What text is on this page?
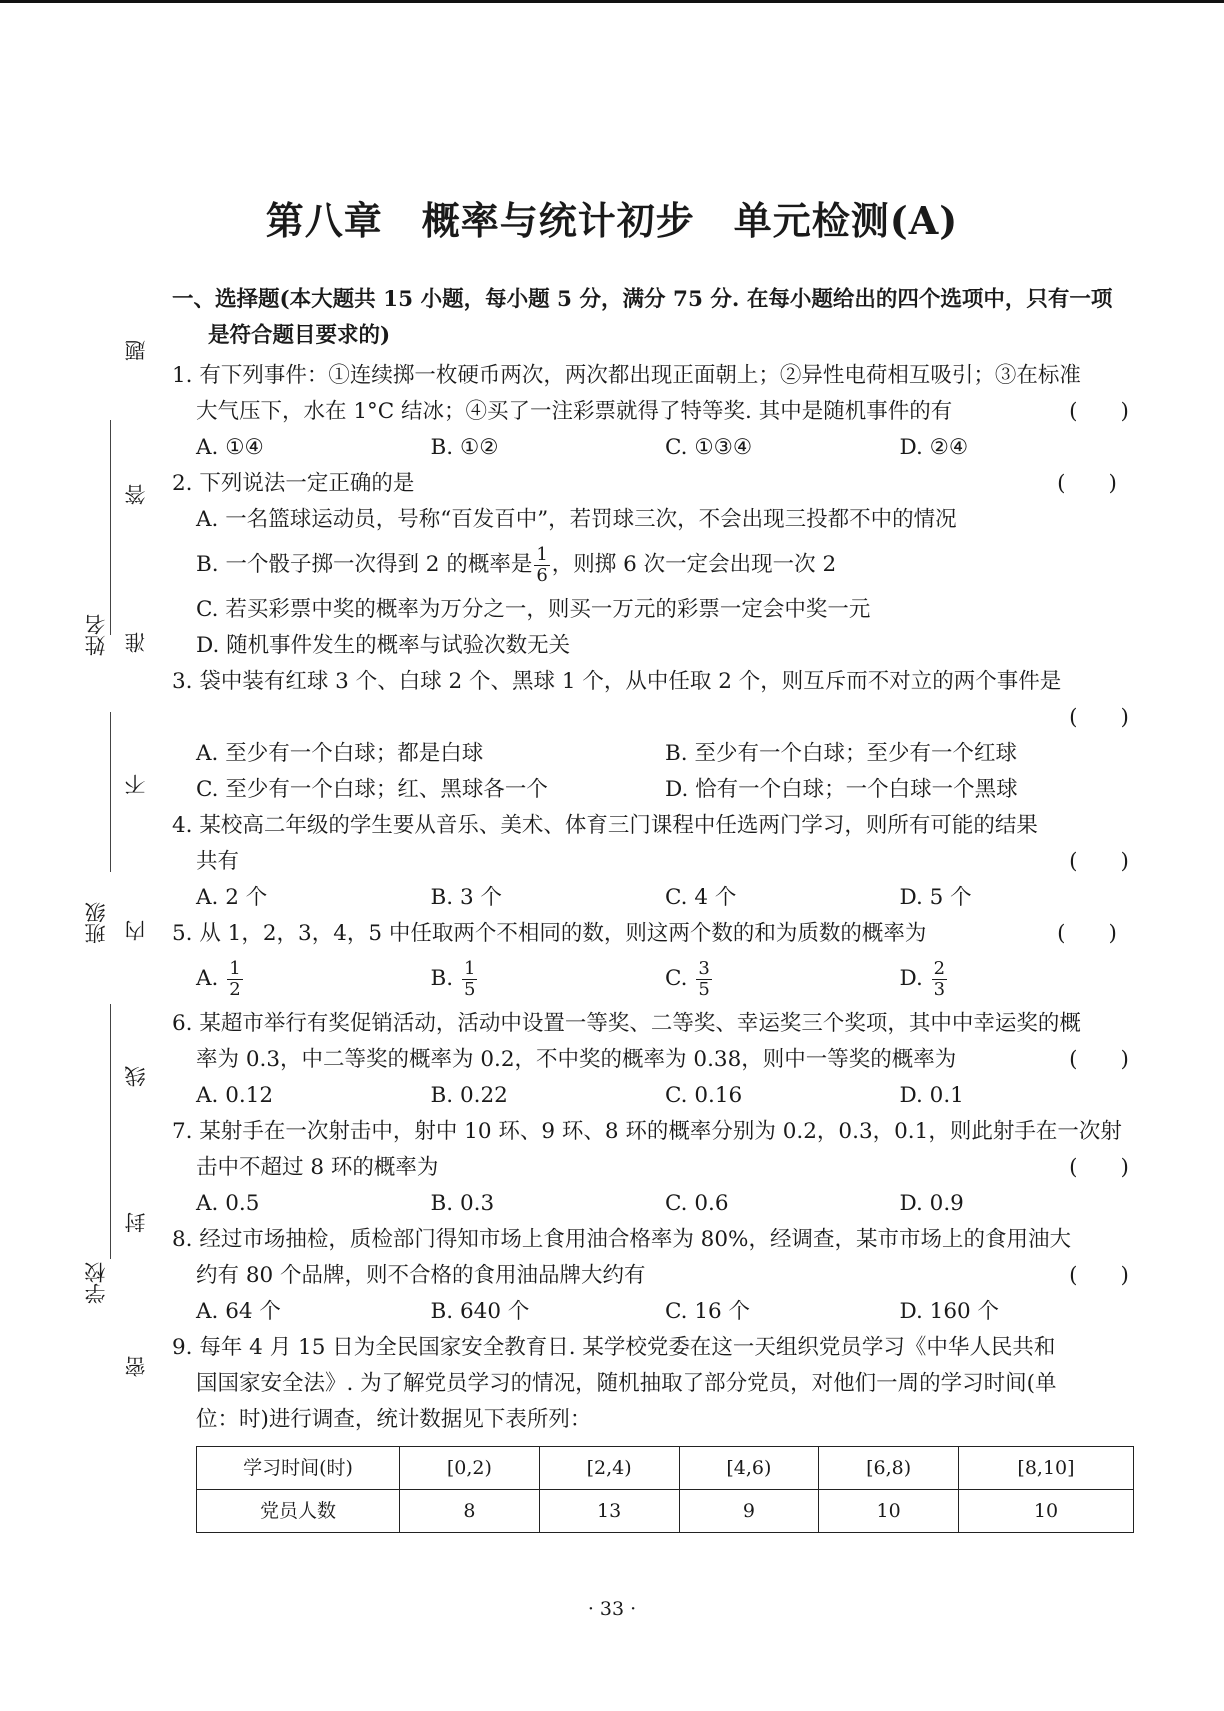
第八章　概率与统计初步　单元检测(A)
姓名
班级
学校
题
答
准
不
内
线
封
密
一、选择题(本大题共 15 小题，每小题 5 分，满分 75 分. 在每小题给出的四个选项中，只有一项
是符合题目要求的)
1. 有下列事件：①连续掷一枚硬币两次，两次都出现正面朝上；②异性电荷相互吸引；③在标准
(　　)
大气压下，水在 1°C 结冰；④买了一注彩票就得了特等奖. 其中是随机事件的有
A. ①④	B. ①②	C. ①③④	D. ②④
(　　)
2. 下列说法一定正确的是
A. 一名篮球运动员，号称“百发百中”，若罚球三次，不会出现三投都不中的情况
B. 一个骰子掷一次得到 2 的概率是 $\frac{1}{6}$ ，则掷 6 次一定会出现一次 2
C. 若买彩票中奖的概率为万分之一，则买一万元的彩票一定会中奖一元
D. 随机事件发生的概率与试验次数无关
3. 袋中装有红球 3 个、白球 2 个、黑球 1 个，从中任取 2 个，则互斥而不对立的两个事件是
(　　)
A. 至少有一个白球；都是白球	B. 至少有一个白球；至少有一个红球
C. 至少有一个白球；红、黑球各一个	D. 恰有一个白球；一个白球一个黑球
4. 某校高二年级的学生要从音乐、美术、体育三门课程中任选两门学习，则所有可能的结果
(　　)
共有
A. 2 个	B. 3 个	C. 4 个	D. 5 个
(　　)
5. 从 1，2，3，4，5 中任取两个不相同的数，则这两个数的和为质数的概率为
A. $\frac{1}{2}$	B. $\frac{1}{5}$	C. $\frac{3}{5}$	D. $\frac{2}{3}$
6. 某超市举行有奖促销活动，活动中设置一等奖、二等奖、幸运奖三个奖项，其中中幸运奖的概
(　　)
率为 0.3，中二等奖的概率为 0.2，不中奖的概率为 0.38，则中一等奖的概率为
A. 0.12	B. 0.22	C. 0.16	D. 0.1
7. 某射手在一次射击中，射中 10 环、9 环、8 环的概率分别为 0.2，0.3，0.1，则此射手在一次射
(　　)
击中不超过 8 环的概率为
A. 0.5	B. 0.3	C. 0.6	D. 0.9
8. 经过市场抽检，质检部门得知市场上食用油合格率为 80%，经调查，某市市场上的食用油大
(　　)
约有 80 个品牌，则不合格的食用油品牌大约有
A. 64 个	B. 640 个	C. 16 个	D. 160 个
9. 每年 4 月 15 日为全民国家安全教育日. 某学校党委在这一天组织党员学习《中华人民共和
国国家安全法》. 为了解党员学习的情况，随机抽取了部分党员，对他们一周的学习时间(单
位：时)进行调查，统计数据见下表所列：
学习时间(时)	[0,2)	[2,4)	[4,6)	[6,8)	[8,10]
党员人数	8	13	9	10	10
· 33 ·
